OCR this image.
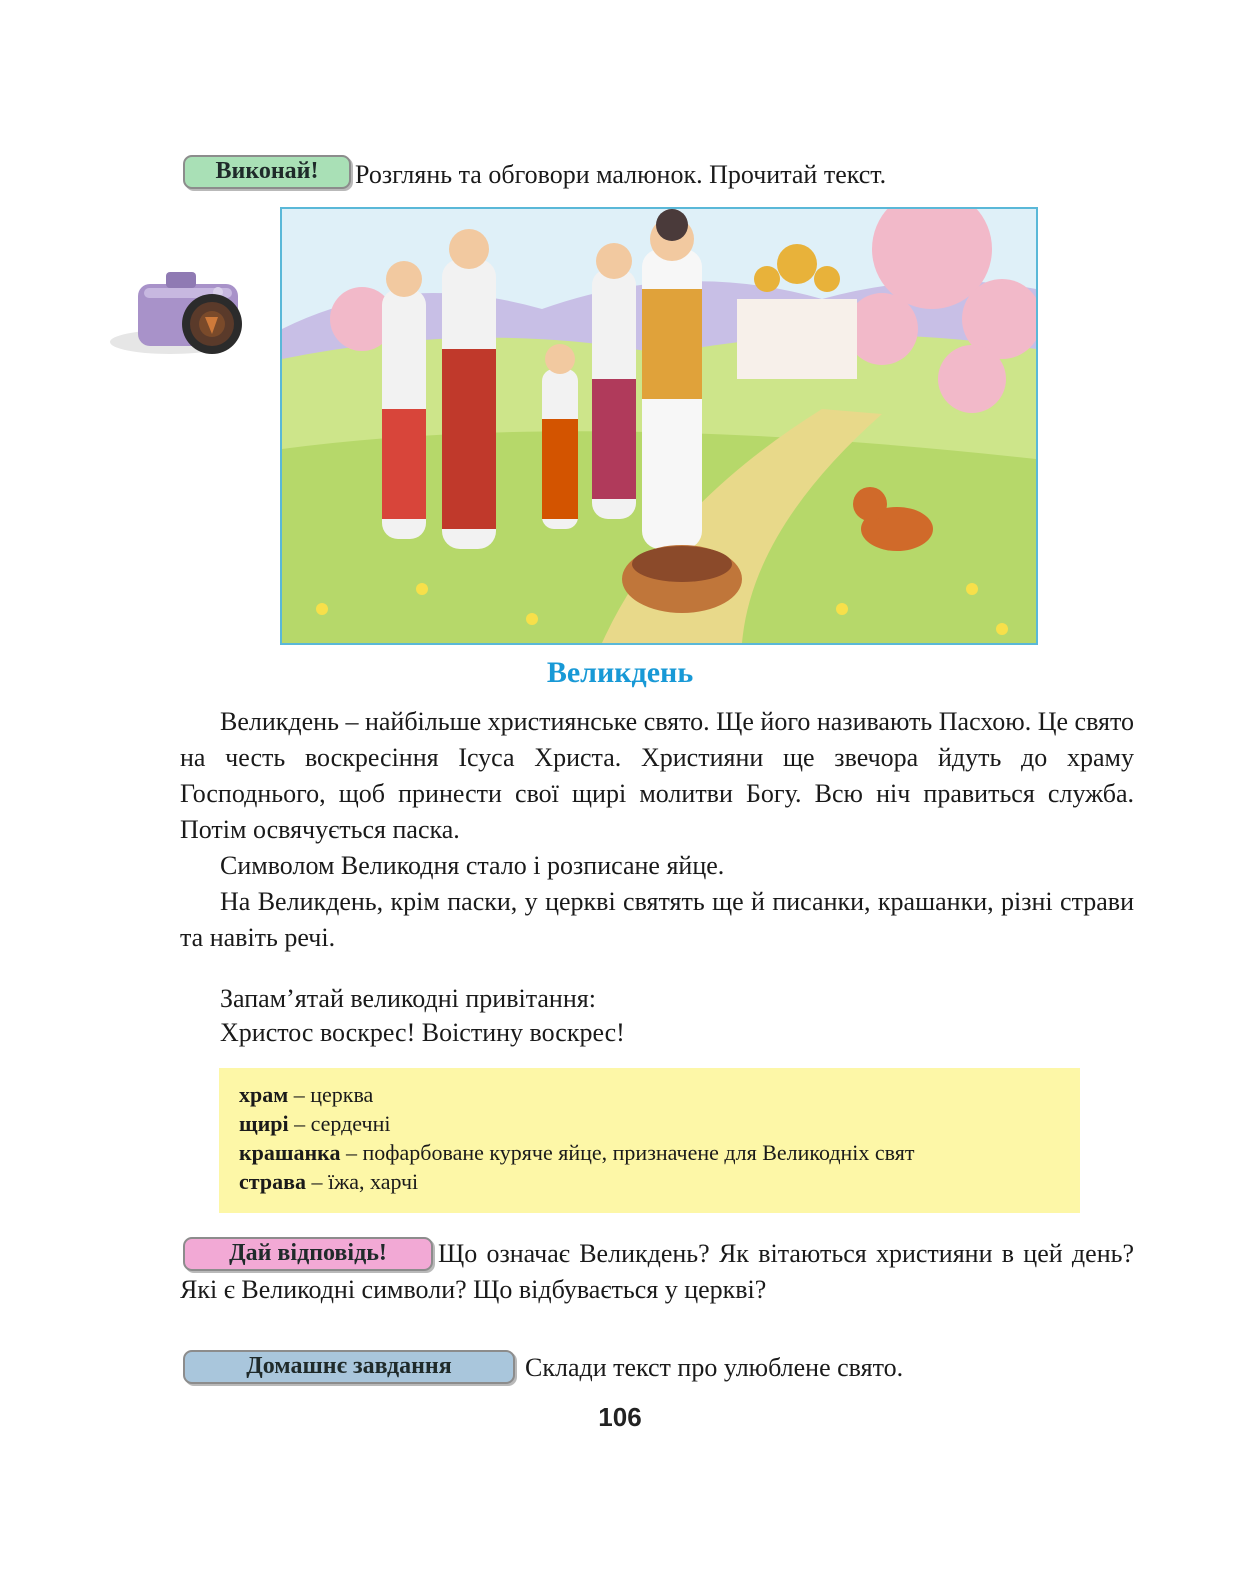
Виконай!	Розглянь та обговори малюнок. Прочитай текст.
Великдень

Великдень – найбільше християнське свято. Ще його називають Пасхою. Це свято на честь воскресіння Ісуса Христа. Християни ще звечора йдуть до храму Господнього, щоб принести свої щирі молитви Богу. Всю ніч правиться служба. Потім освячується паска.

Символом Великодня стало і розписане яйце.

На Великдень, крім паски, у церкві святять ще й писанки, крашанки, різні страви та навіть речі.

Запам’ятай великодні привітання:
Христос воскрес! Воістину воскрес!
храм – церква
щирі – сердечні
крашанка – пофарбоване куряче яйце, призначене для Великодніх свят
страва – їжа, харчі
Дай відповідь!	Що означає Великдень? Як вітаються християни в цей день? Які є Великодні символи? Що відбувається у церкві?
Домашнє завдання	Склади текст про улюблене свято.
106
